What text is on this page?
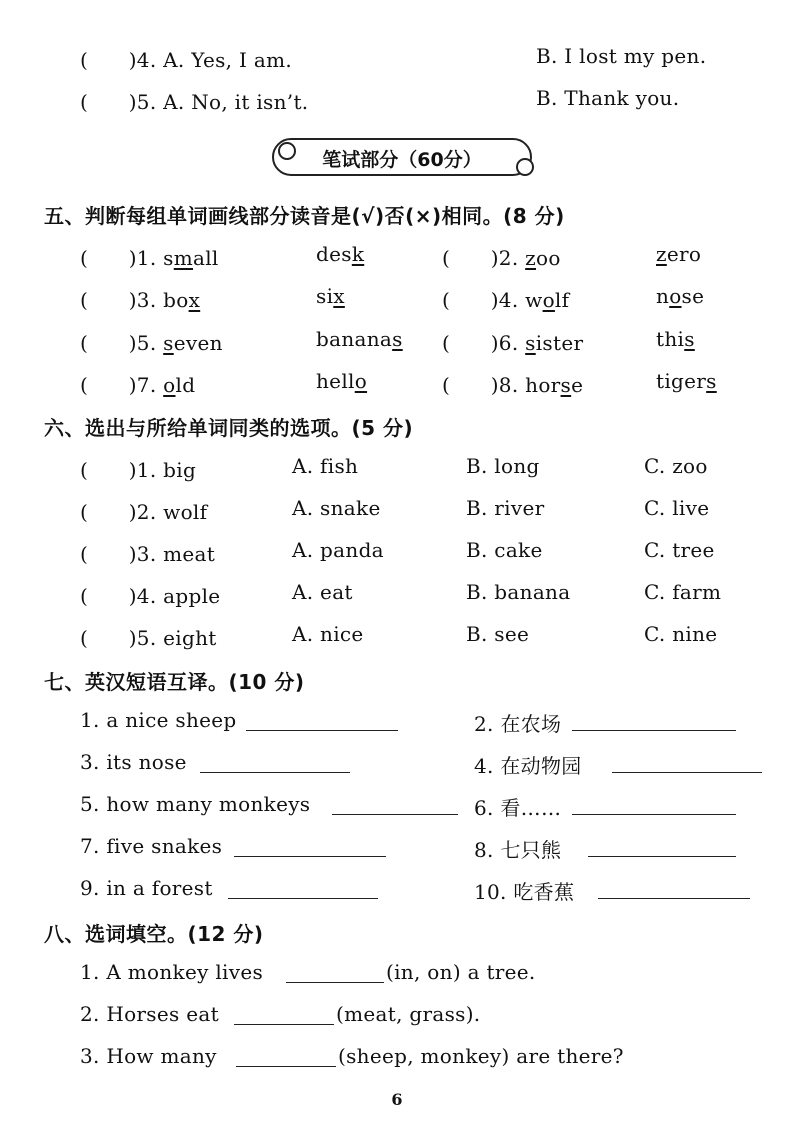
(　　)4. A. Yes, I am.	B. I lost my pen.
(　　)5. A. No, it isn’t.	B. Thank you.
笔试部分（60分）
五、判断每组单词画线部分读音是(√)否(×)相同。(8 分)
六、选出与所给单词同类的选项。(5 分)
七、英汉短语互译。(10 分)
八、选词填空。(12 分)
6
(　　)1. small	desk	(　　)2. zoo	zero
(　　)3. box	six	(　　)4. wolf	nose
(　　)5. seven	bananas (　　)6. sister	this
(　　)7. old	hello	(　　)8. horse	tigers
(　　)1. big	A. fish	B. long	C. zoo
(　　)2. wolf	A. snake	B. river	C. live
(　　)3. meat	A. panda	B. cake	C. tree
(　　)4. apple	A. eat	B. banana	C. farm
(　　)5. eight	A. nice	B. see	C. nine
1. a nice sheep	2. 在农场
3. its nose	4. 在动物园
5. how many monkeys	6. 看……
7. five snakes	8. 七只熊
9. in a forest	10. 吃香蕉
1. A monkey lives	(in, on) a tree.
2. Horses eat	(meat, grass).
3. How many	(sheep, monkey) are there?
